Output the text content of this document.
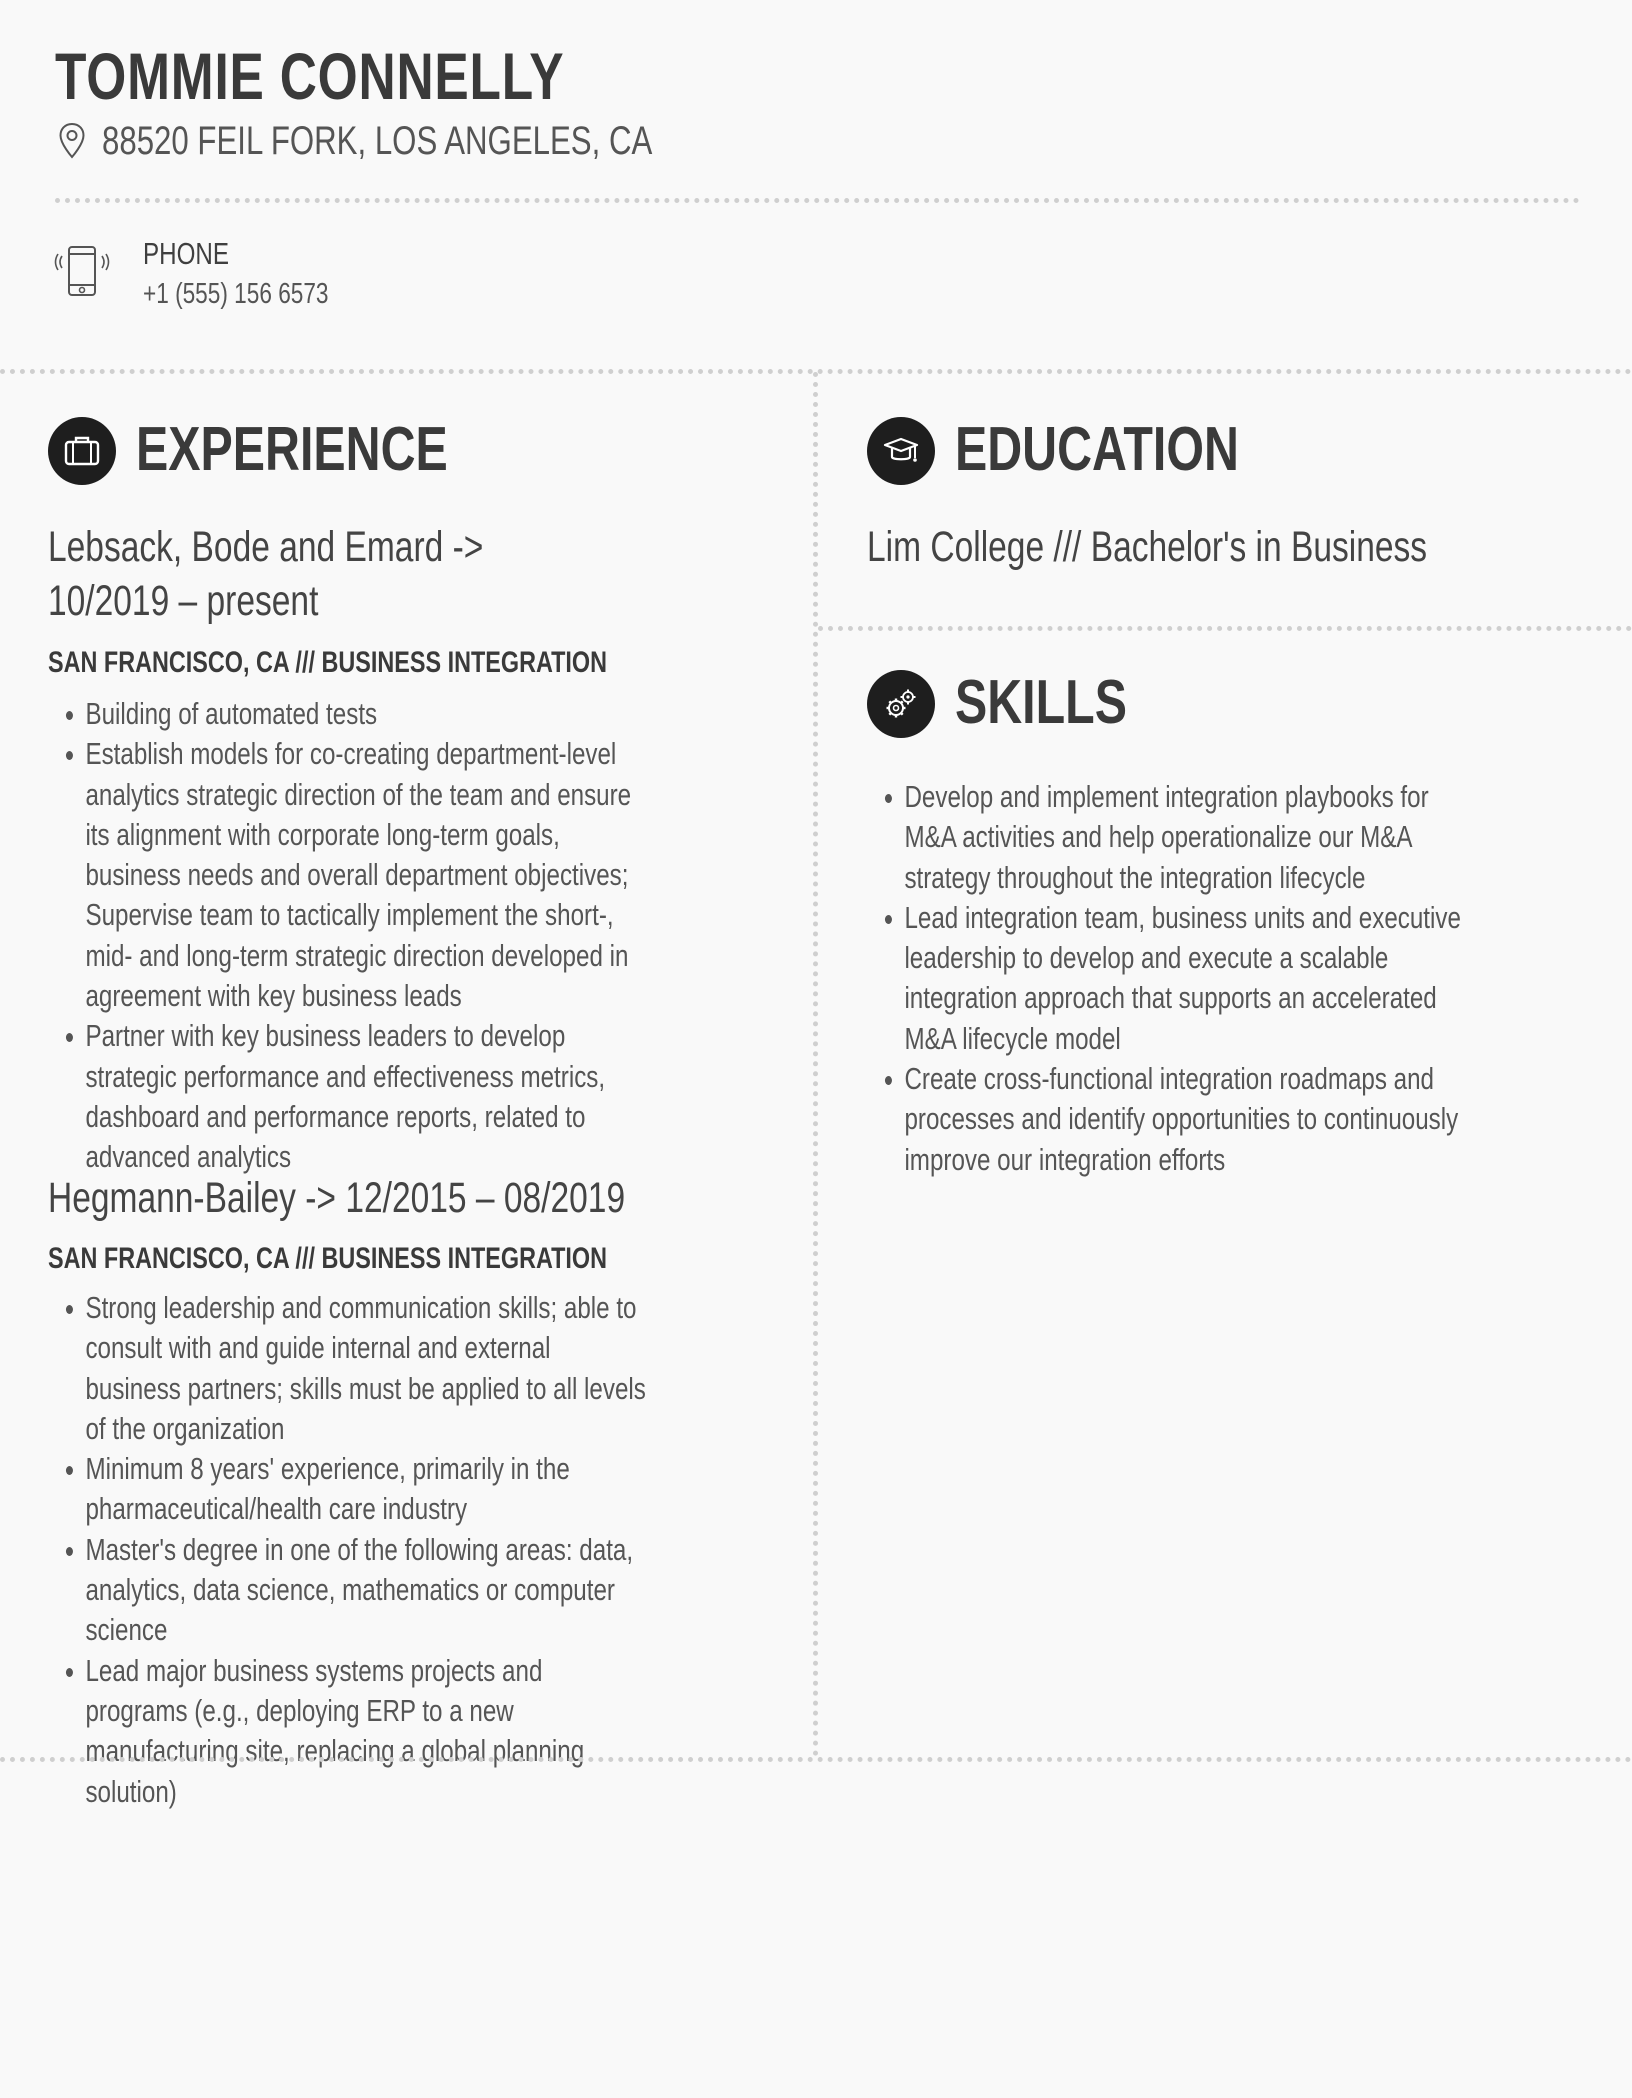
TOMMIE CONNELLY
88520 FEIL FORK, LOS ANGELES, CA
PHONE
+1 (555) 156 6573
EXPERIENCE
Lebsack, Bode and Emard -> 10/2019 – present
SAN FRANCISCO, CA /// BUSINESS INTEGRATION
• Building of automated tests
• Establish models for co-creating department-level analytics strategic direction of the team and ensure its alignment with corporate long-term goals, business needs and overall department objectives; Supervise team to tactically implement the short-, mid- and long-term strategic direction developed in agreement with key business leads
• Partner with key business leaders to develop strategic performance and effectiveness metrics, dashboard and performance reports, related to advanced analytics
Hegmann-Bailey -> 12/2015 – 08/2019
SAN FRANCISCO, CA /// BUSINESS INTEGRATION
• Strong leadership and communication skills; able to consult with and guide internal and external business partners; skills must be applied to all levels of the organization
• Minimum 8 years' experience, primarily in the pharmaceutical/health care industry
• Master's degree in one of the following areas: data, analytics, data science, mathematics or computer science
• Lead major business systems projects and programs (e.g., deploying ERP to a new manufacturing site, replacing a global planning solution)
EDUCATION
Lim College /// Bachelor's in Business
SKILLS
• Develop and implement integration playbooks for M&A activities and help operationalize our M&A strategy throughout the integration lifecycle
• Lead integration team, business units and executive leadership to develop and execute a scalable integration approach that supports an accelerated M&A lifecycle model
• Create cross-functional integration roadmaps and processes and identify opportunities to continuously improve our integration efforts
